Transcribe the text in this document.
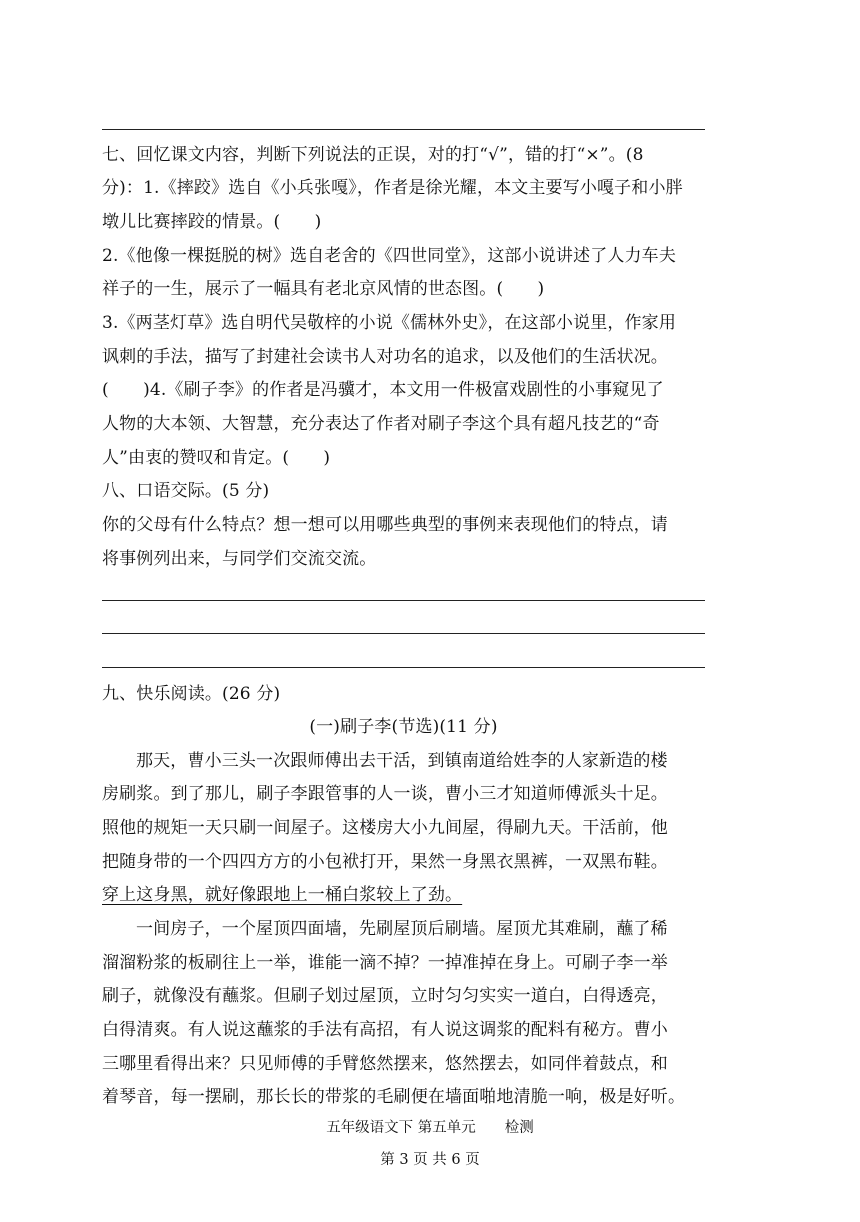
七、回忆课文内容，判断下列说法的正误，对的打“√”，错的打“×”。(8
分)：1.《摔跤》选自《小兵张嘎》，作者是徐光耀，本文主要写小嘎子和小胖
墩儿比赛摔跤的情景。(　　)
2.《他像一棵挺脱的树》选自老舍的《四世同堂》，这部小说讲述了人力车夫
祥子的一生，展示了一幅具有老北京风情的世态图。(　　)
3.《两茎灯草》选自明代吴敬梓的小说《儒林外史》，在这部小说里，作家用
讽刺的手法，描写了封建社会读书人对功名的追求，以及他们的生活状况。
(　　)4.《刷子李》的作者是冯骥才，本文用一件极富戏剧性的小事窥见了
人物的大本领、大智慧，充分表达了作者对刷子李这个具有超凡技艺的“奇
人”由衷的赞叹和肯定。(　　)
八、口语交际。(5 分)
你的父母有什么特点？想一想可以用哪些典型的事例来表现他们的特点，请
将事例列出来，与同学们交流交流。
九、快乐阅读。(26 分)
(一)刷子李(节选)(11 分)
那天，曹小三头一次跟师傅出去干活，到镇南道给姓李的人家新造的楼
房刷浆。到了那儿，刷子李跟管事的人一谈，曹小三才知道师傅派头十足。
照他的规矩一天只刷一间屋子。这楼房大小九间屋，得刷九天。干活前，他
把随身带的一个四四方方的小包袱打开，果然一身黑衣黑裤，一双黑布鞋。
穿上这身黑，就好像跟地上一桶白浆较上了劲。
一间房子，一个屋顶四面墙，先刷屋顶后刷墙。屋顶尤其难刷，蘸了稀
溜溜粉浆的板刷往上一举，谁能一滴不掉？一掉准掉在身上。可刷子李一举
刷子，就像没有蘸浆。但刷子划过屋顶，立时匀匀实实一道白，白得透亮，
白得清爽。有人说这蘸浆的手法有高招，有人说这调浆的配料有秘方。曹小
三哪里看得出来？只见师傅的手臂悠然摆来，悠然摆去，如同伴着鼓点，和
着琴音，每一摆刷，那长长的带浆的毛刷便在墙面啪地清脆一响，极是好听。
五年级语文下 第五单元　　检测
第 3 页 共 6 页
